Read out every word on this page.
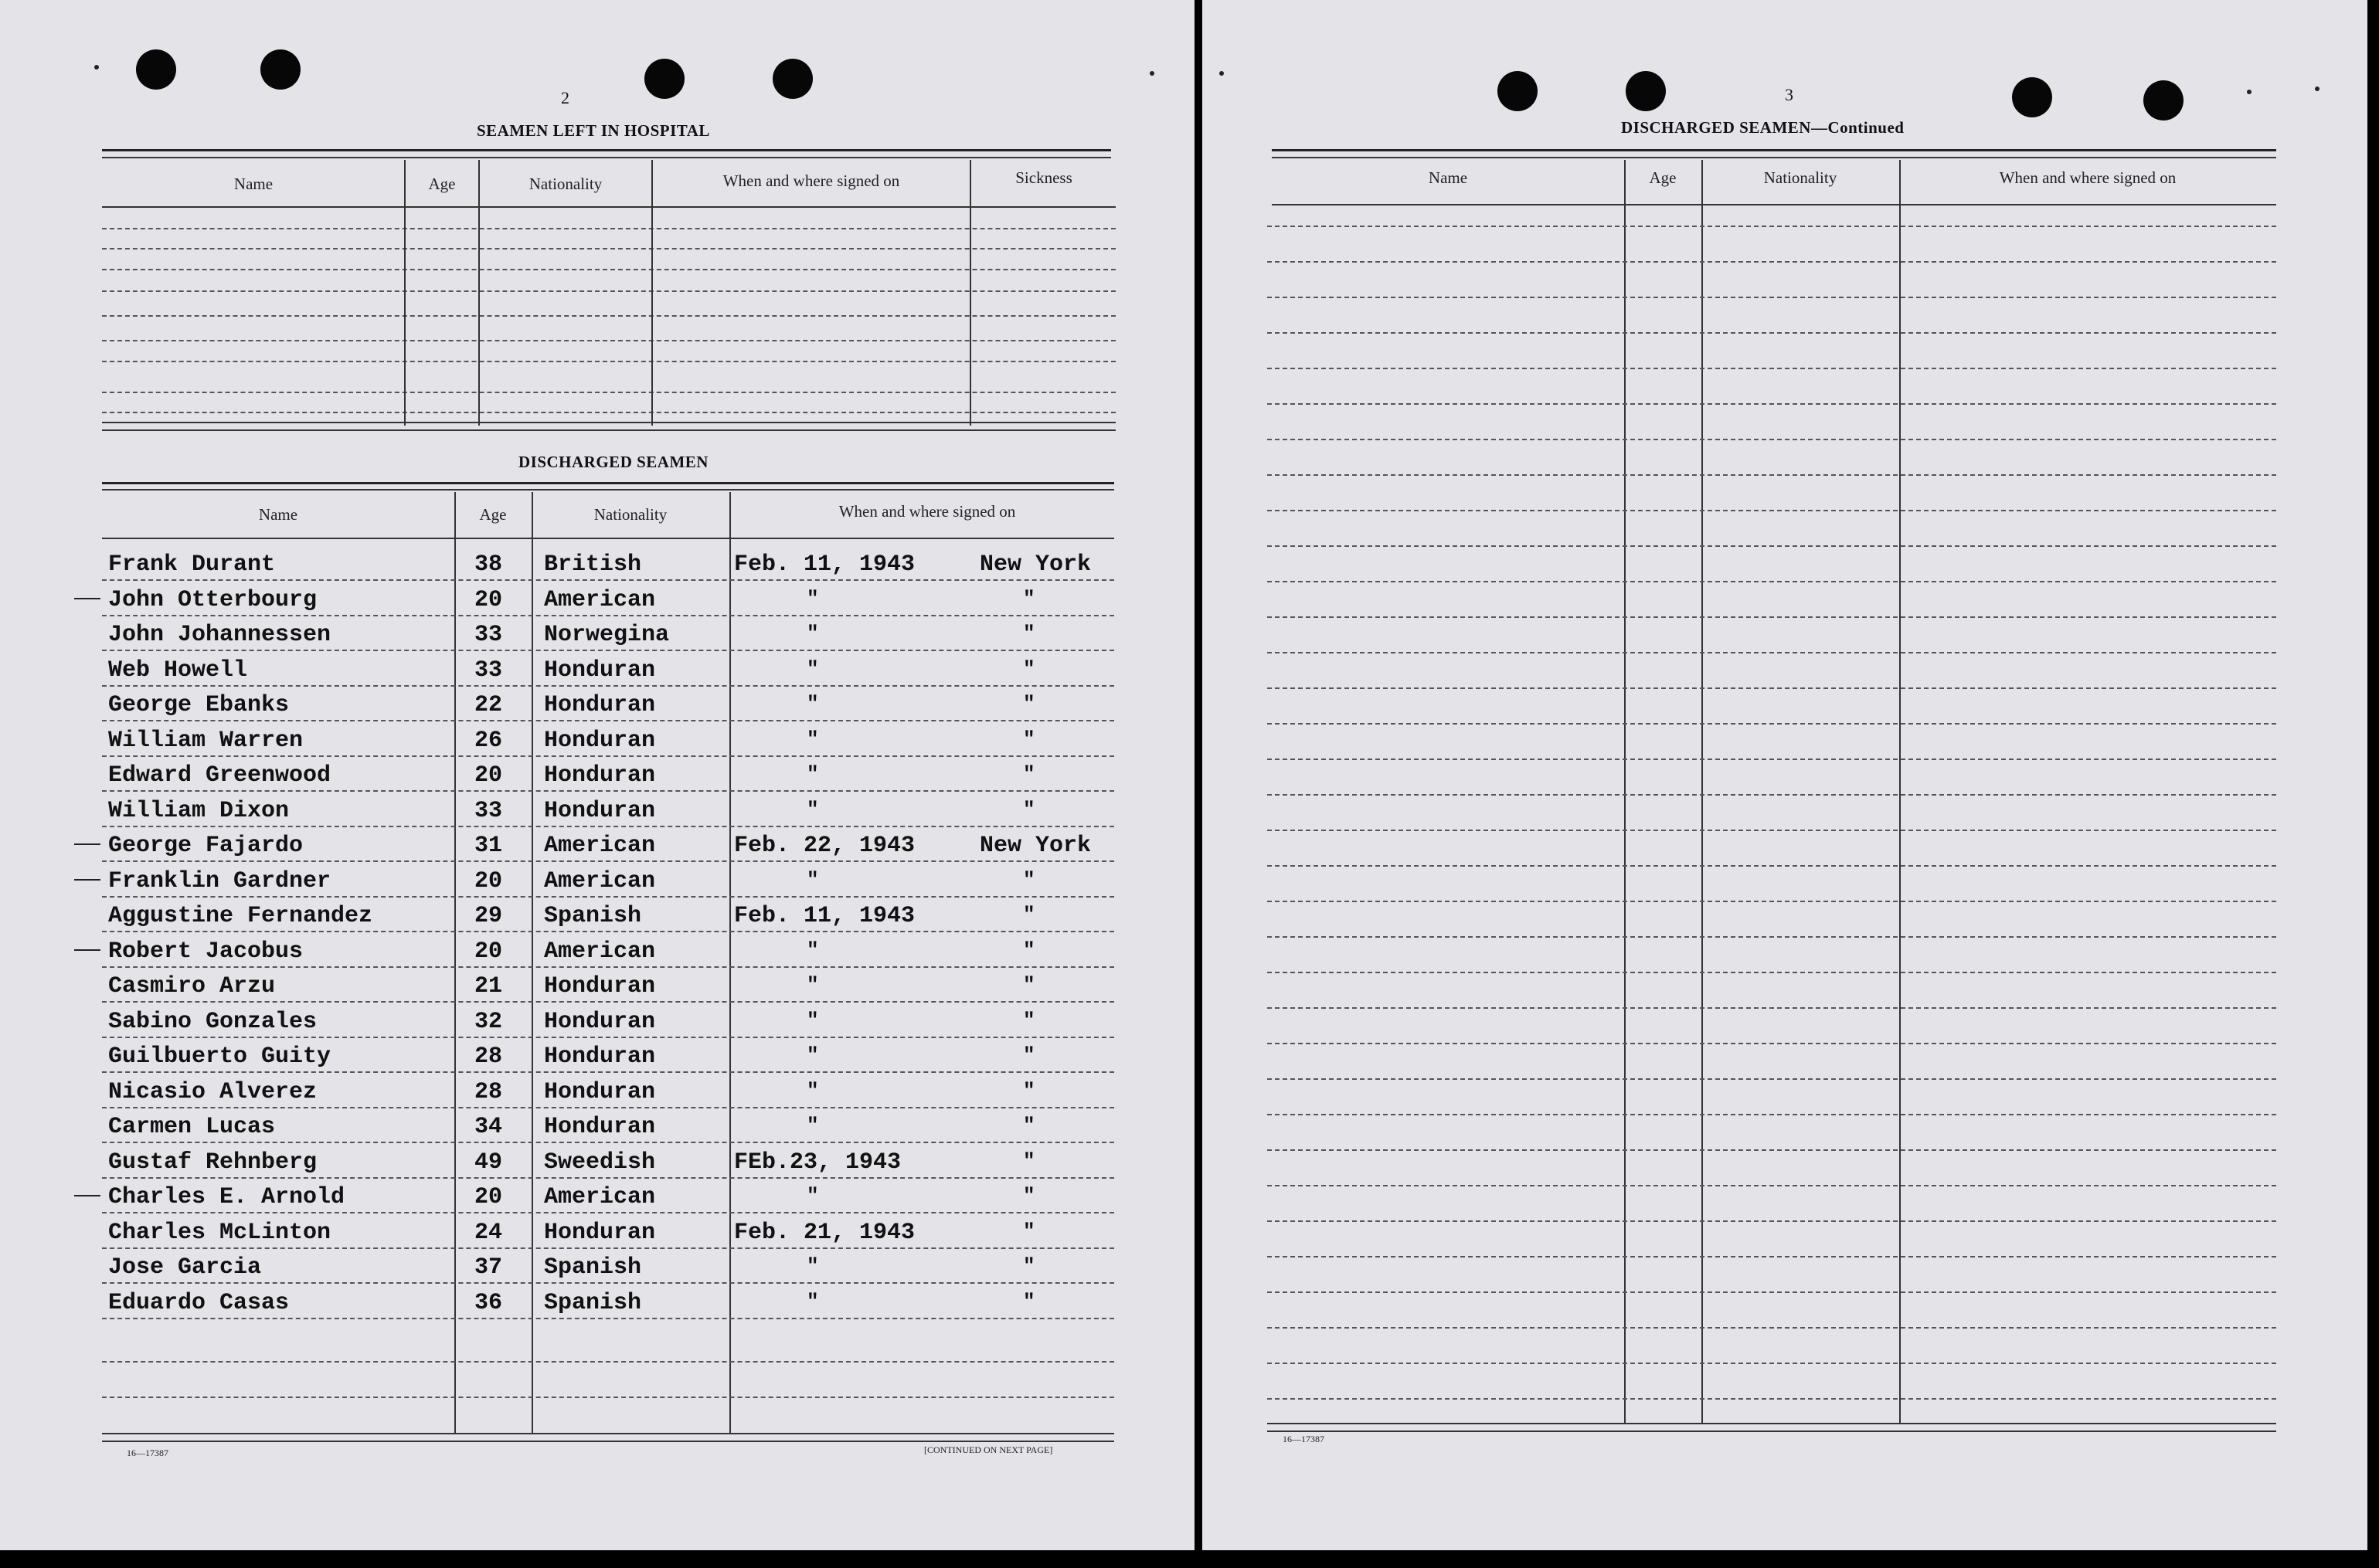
2
SEAMEN LEFT IN HOSPITAL
Name	Age	Nationality	When and where signed on	Sickness
DISCHARGED SEAMEN
Name	Age	Nationality	When and where signed on
Frank Durant	38 British	Feb. 11, 1943	New York
John Otterbourg	20 American	"	"
John Johannessen	33 Norwegina	"	"
Web Howell	33 Honduran	"	"
George Ebanks	22 Honduran	"	"
William Warren	26 Honduran	"	"
Edward Greenwood	20 Honduran	"	"
William Dixon	33 Honduran	"	"
George Fajardo	31 American	Feb. 22, 1943	New York
Franklin Gardner	20 American	"	"
Aggustine Fernandez	29 Spanish	Feb. 11, 1943	"
Robert Jacobus	20 American	"	"
Casmiro Arzu	21 Honduran	"	"
Sabino Gonzales	32 Honduran	"	"
Guilbuerto Guity	28 Honduran	"	"
Nicasio Alverez	28 Honduran	"	"
Carmen Lucas	34 Honduran	"	"
Gustaf Rehnberg	49 Sweedish	FEb.23, 1943	"
Charles E. Arnold	20 American	"	"
Charles McLinton	24 Honduran	Feb. 21, 1943	"
Jose Garcia	37 Spanish	"	"
Eduardo Casas	36 Spanish	"	"
16—17387	[CONTINUED ON NEXT PAGE]
3
DISCHARGED SEAMEN—Continued
Name	Age	Nationality	When and where signed on
16—17387
